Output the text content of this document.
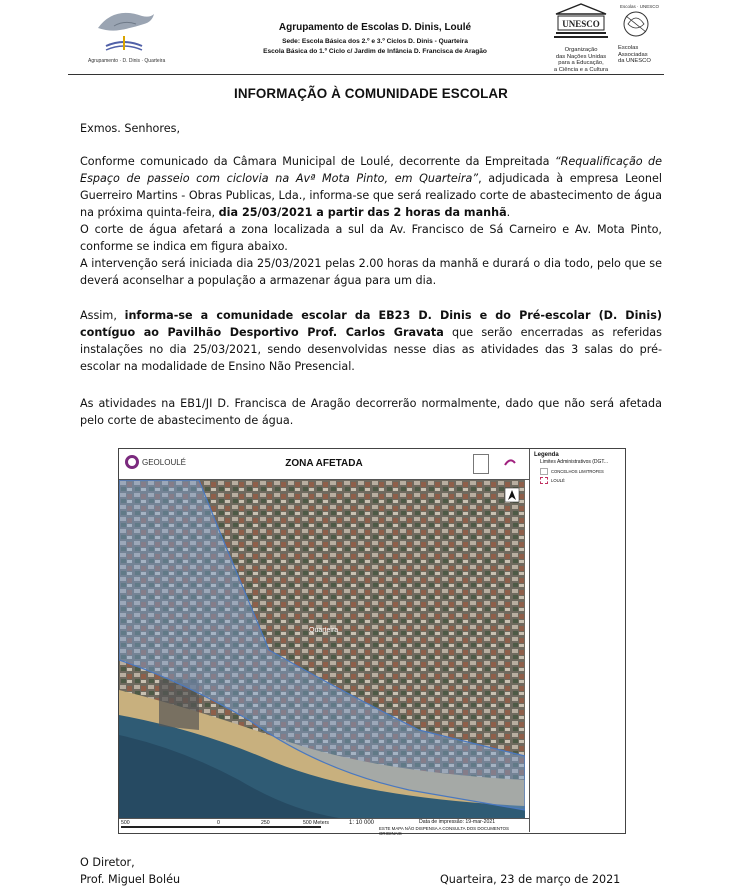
Agrupamento · D. Dinis · Quarteira
Agrupamento de Escolas D. Dinis, Loulé
Sede: Escola Básica dos 2.º e 3.º Ciclos D. Dinis - Quarteira
Escola Básica do 1.º Ciclo c/ Jardim de Infância D. Francisca de Aragão
UNESCO
Organização
das Nações Unidas
para a Educação,
a Ciência e a Cultura
Escolas · UNESCO
Escolas
Associadas
da UNESCO
INFORMAÇÃO À COMUNIDADE ESCOLAR
Exmos. Senhores,

Conforme comunicado da Câmara Municipal de Loulé, decorrente da Empreitada “Requalificação de Espaço de passeio com ciclovia na Avª Mota Pinto, em Quarteira”, adjudicada à empresa Leonel Guerreiro Martins - Obras Publicas, Lda., informa-se que será realizado corte de abastecimento de água na próxima quinta-feira, dia 25/03/2021 a partir das 2 horas da manhã.

O corte de água afetará a zona localizada a sul da Av. Francisco de Sá Carneiro e Av. Mota Pinto, conforme se indica em figura abaixo.

A intervenção será iniciada dia 25/03/2021 pelas 2.00 horas da manhã e durará o dia todo, pelo que se deverá aconselhar a população a armazenar água para um dia.

Assim, informa-se a comunidade escolar da EB23 D. Dinis e do Pré-escolar (D. Dinis) contíguo ao Pavilhão Desportivo Prof. Carlos Gravata que serão encerradas as referidas instalações no dia 25/03/2021, sendo desenvolvidas nesse dias as atividades das 3 salas do pré-escolar na modalidade de Ensino Não Presencial.

As atividades na EB1/JI D. Francisca de Aragão decorrerão normalmente, dado que não será afetada pelo corte de abastecimento de água.
GEOLOULÉ	ZONA AFETADA
Quarteira
500	0	250	500 Meters	1: 10 000	Data de impressão: 19-mar-2021
ESTE MAPA NÃO DISPENSA A CONSULTA DOS DOCUMENTOS ORIGINAIS
Legenda
Limites Administrativos (DGT...
CONCELHOS LIMITROFES
LOULÉ
O Diretor,
Prof. Miguel Boléu	Quarteira, 23 de março de 2021
